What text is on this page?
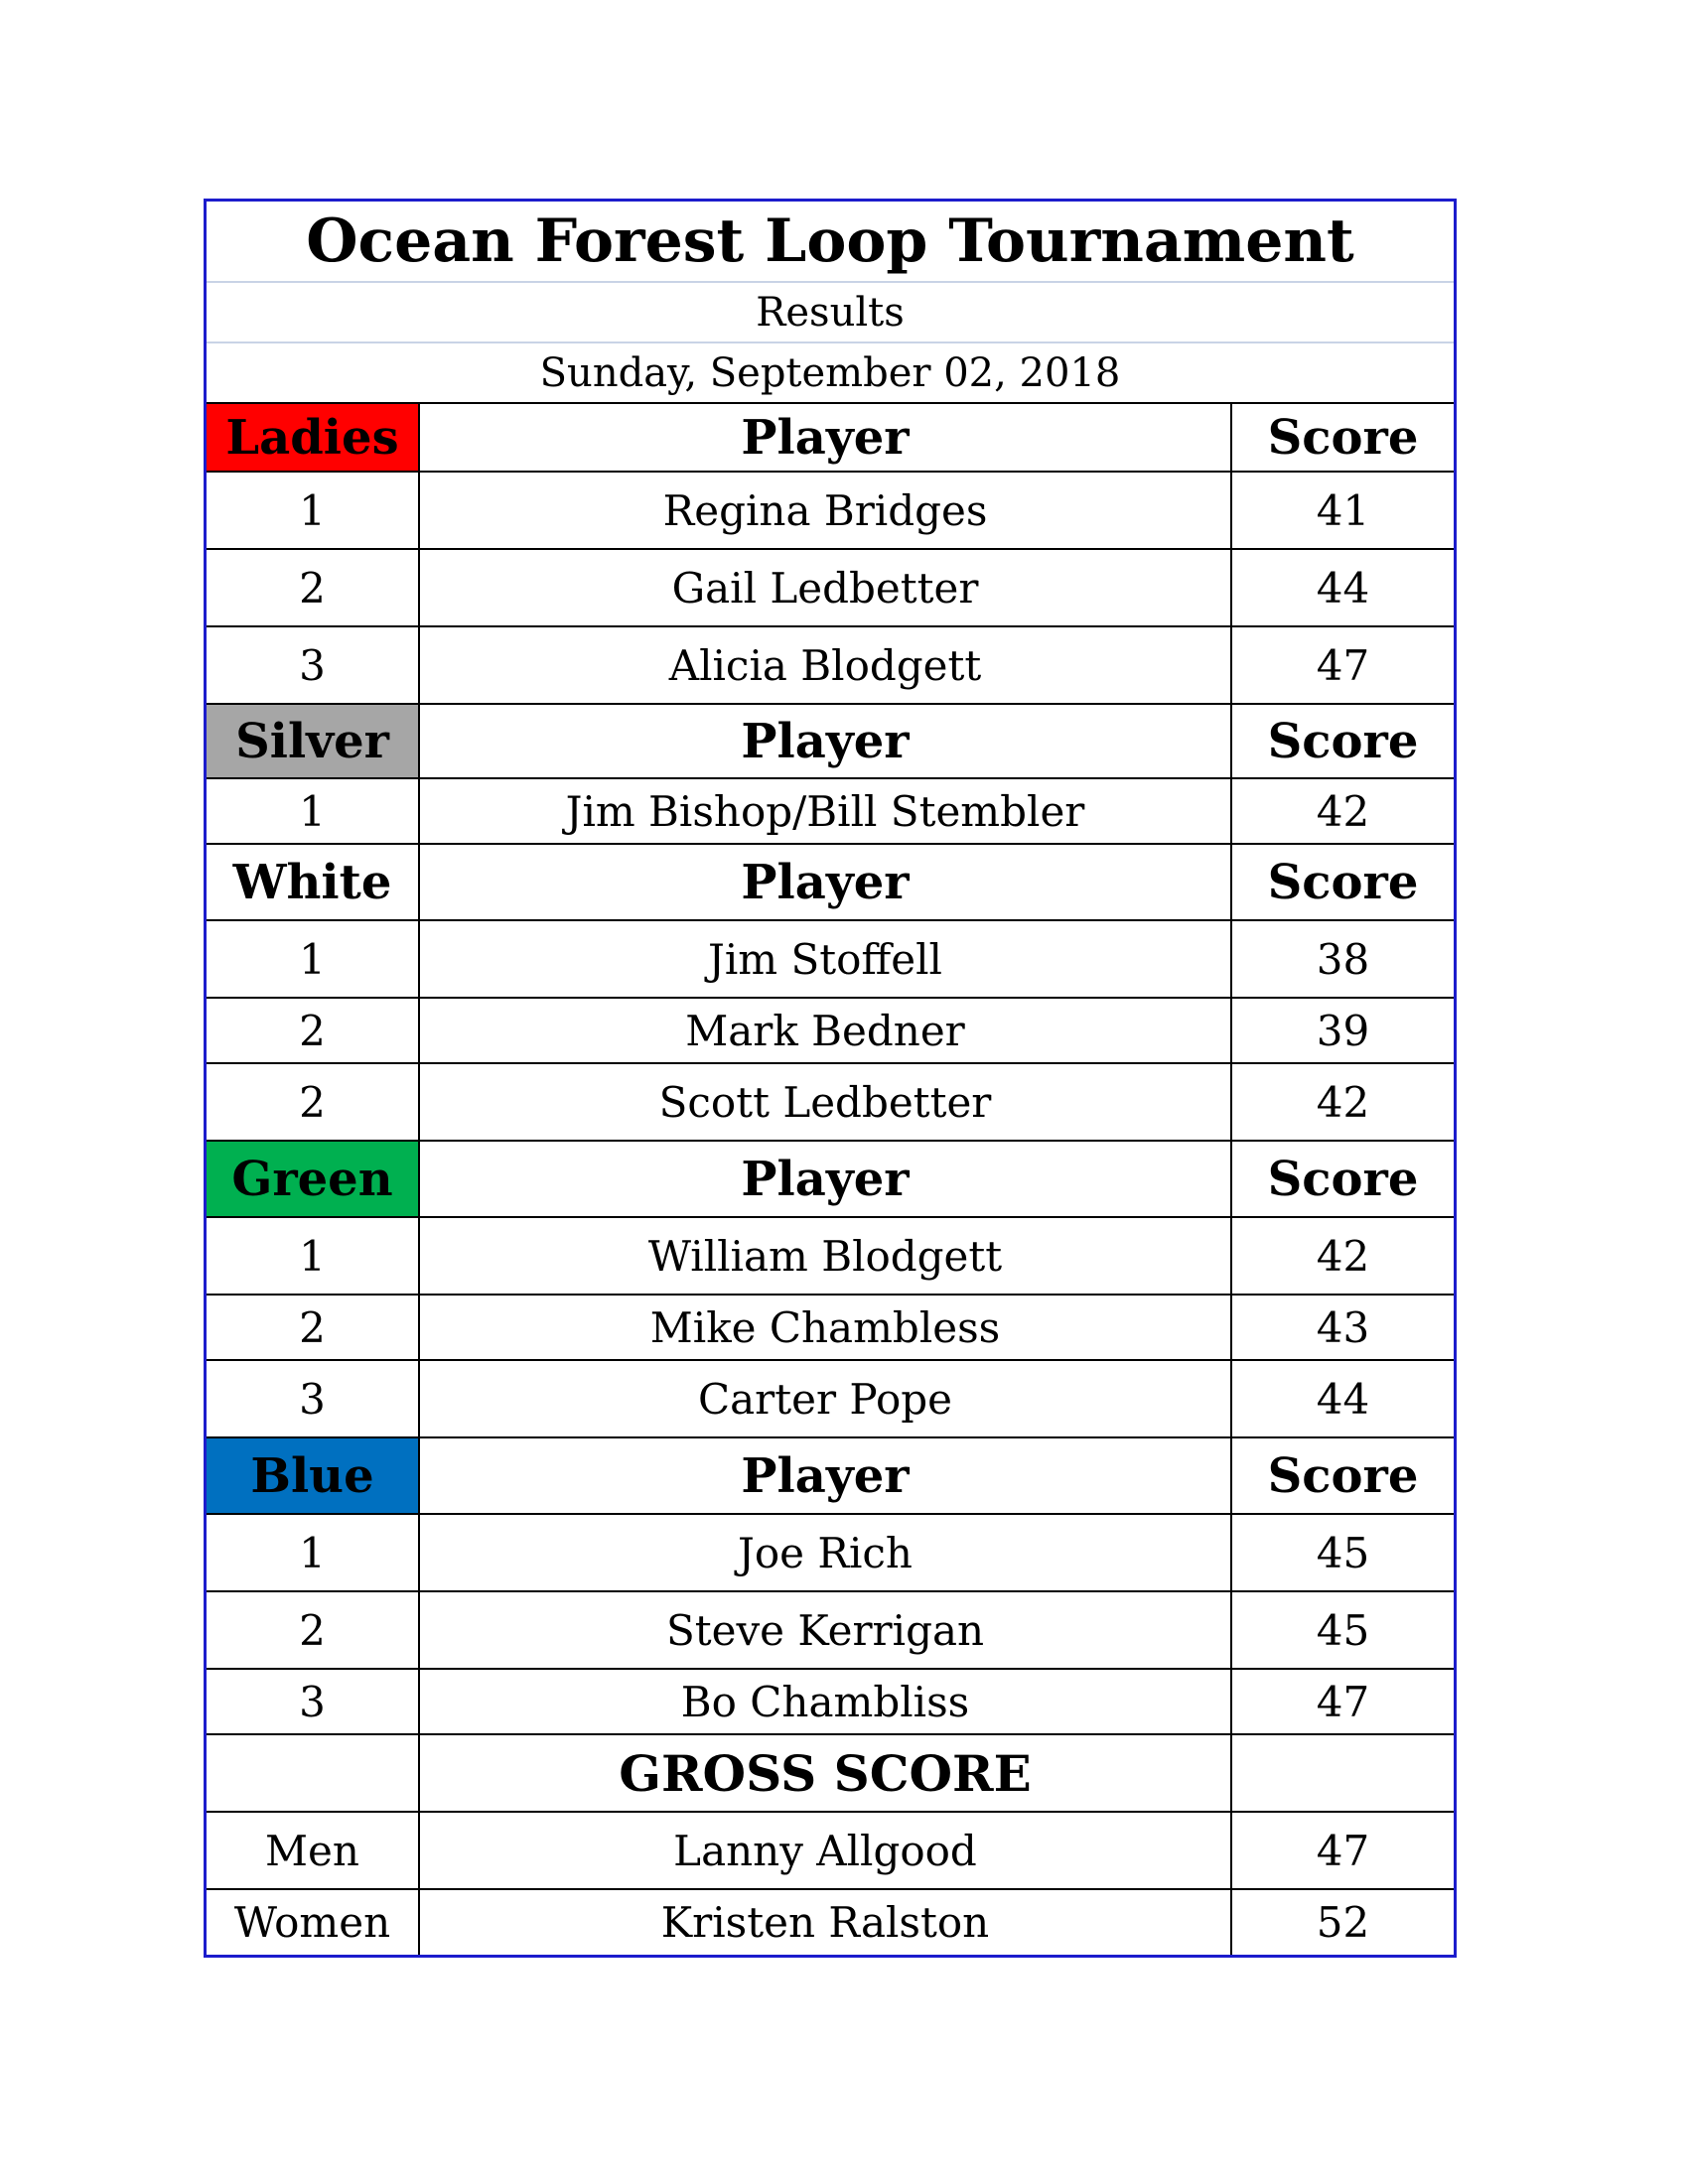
Ocean Forest Loop Tournament
Results
Sunday, September 02, 2018
Ladies	Player	Score
1	Regina Bridges	41
2	Gail Ledbetter	44
3	Alicia Blodgett	47
Silver	Player	Score
1	Jim Bishop/Bill Stembler	42
White	Player	Score
1	Jim Stoffell	38
2	Mark Bedner	39
2	Scott Ledbetter	42
Green	Player	Score
1	William Blodgett	42
2	Mike Chambless	43
3	Carter Pope	44
Blue	Player	Score
1	Joe Rich	45
2	Steve Kerrigan	45
3	Bo Chambliss	47
	GROSS SCORE	
Men	Lanny Allgood	47
Women	Kristen Ralston	52
